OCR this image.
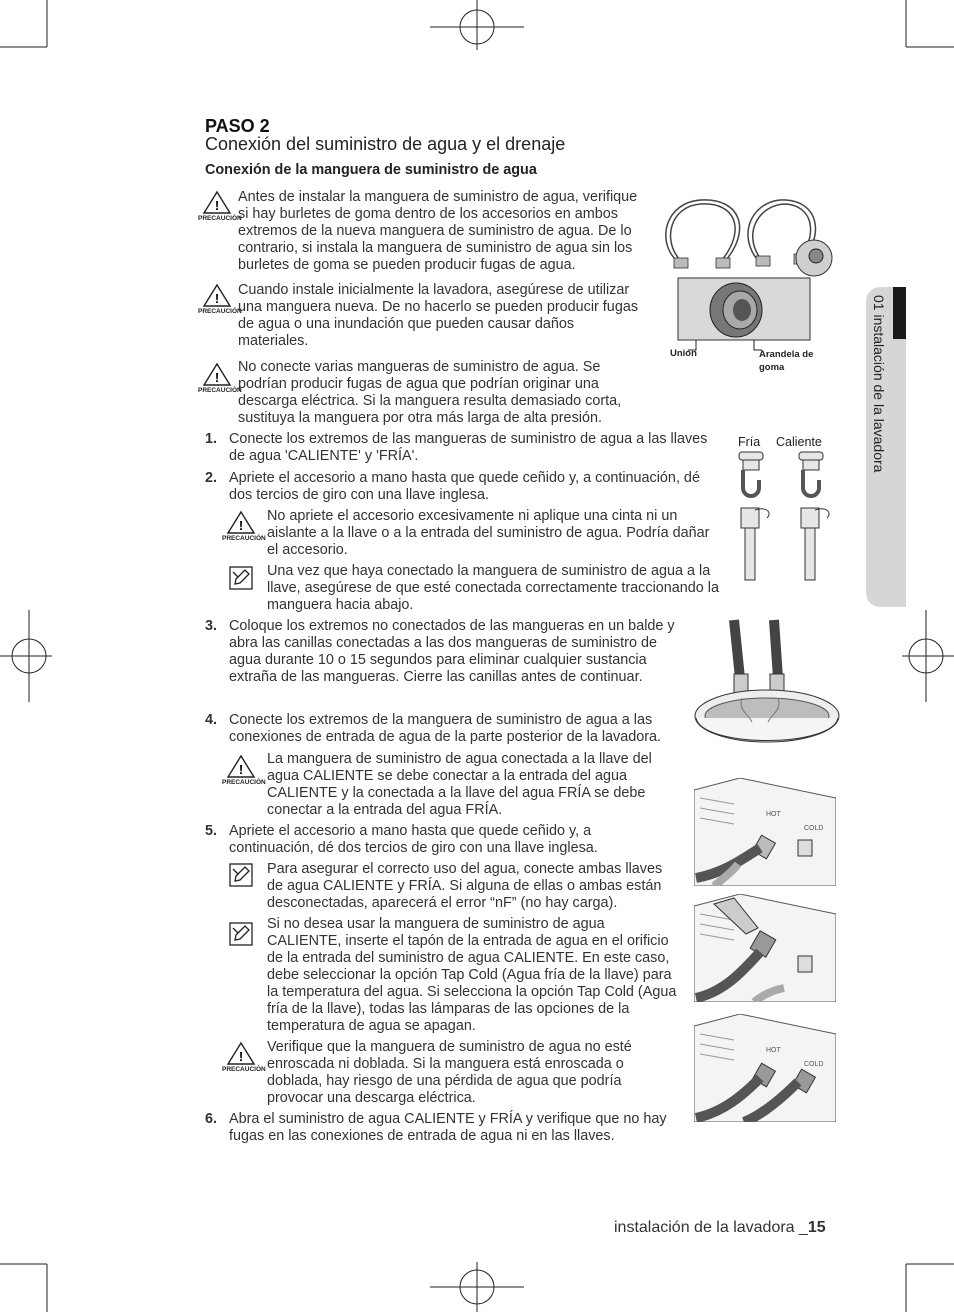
01 instalación de la lavadora
PASO 2
Conexión del suministro de agua y el drenaje
Conexión de la manguera de suministro de agua
!
PRECAUCIÓN
Antes de instalar la manguera de suministro de agua, verifique si hay burletes de goma dentro de los accesorios en ambos extremos de la nueva manguera de suministro de agua. De lo contrario, si instala la manguera de suministro de agua sin los burletes de goma se pueden producir fugas de agua.
!
PRECAUCIÓN
Cuando instale inicialmente la lavadora, asegúrese de utilizar una manguera nueva. De no hacerlo se pueden producir fugas de agua o una inundación que pueden causar daños materiales.
!
PRECAUCIÓN
No conecte varias mangueras de suministro de agua. Se podrían producir fugas de agua que podrían originar una descarga eléctrica. Si la manguera resulta demasiado corta, sustituya la manguera por otra más larga de alta presión.
Unión	Arandela de goma
1. Conecte los extremos de las mangueras de suministro de agua a las llaves de agua 'CALIENTE' y 'FRÍA'.
2. Apriete el accesorio a mano hasta que quede ceñido y, a continuación, dé dos tercios de giro con una llave inglesa.
!
PRECAUCIÓN
No apriete el accesorio excesivamente ni aplique una cinta ni un aislante a la llave o a la entrada del suministro de agua. Podría dañar el accesorio.
Una vez que haya conectado la manguera de suministro de agua a la llave, asegúrese de que esté conectada correctamente traccionando la manguera hacia abajo.
Fría Caliente
3. Coloque los extremos no conectados de las mangueras en un balde y abra las canillas conectadas a las dos mangueras de suministro de agua durante 10 o 15 segundos para eliminar cualquier sustancia extraña de las mangueras. Cierre las canillas antes de continuar.
4. Conecte los extremos de la manguera de suministro de agua a las conexiones de entrada de agua de la parte posterior de la lavadora.
!
PRECAUCIÓN
La manguera de suministro de agua conectada a la llave del agua CALIENTE se debe conectar a la entrada del agua CALIENTE y la conectada a la llave del agua FRÍA se debe conectar a la entrada del agua FRÍA.
5. Apriete el accesorio a mano hasta que quede ceñido y, a continuación, dé dos tercios de giro con una llave inglesa.
Para asegurar el correcto uso del agua, conecte ambas llaves de agua CALIENTE y FRÍA. Si alguna de ellas o ambas están desconectadas, aparecerá el error “nF” (no hay carga).
Si no desea usar la manguera de suministro de agua CALIENTE, inserte el tapón de la entrada de agua en el orificio de la entrada del suministro de agua CALIENTE. En este caso, debe seleccionar la opción Tap Cold (Agua fría de la llave) para la temperatura del agua. Si selecciona la opción Tap Cold (Agua fría de la llave), todas las lámparas de las opciones de la temperatura de agua se apagan.
!
PRECAUCIÓN
Verifique que la manguera de suministro de agua no esté enroscada ni doblada. Si la manguera está enroscada o doblada, hay riesgo de una pérdida de agua que podría provocar una descarga eléctrica.
6. Abra el suministro de agua CALIENTE y FRÍA y verifique que no hay fugas en las conexiones de entrada de agua ni en las llaves.
HOT
COLD
HOT
COLD
instalación de la lavadora _15
